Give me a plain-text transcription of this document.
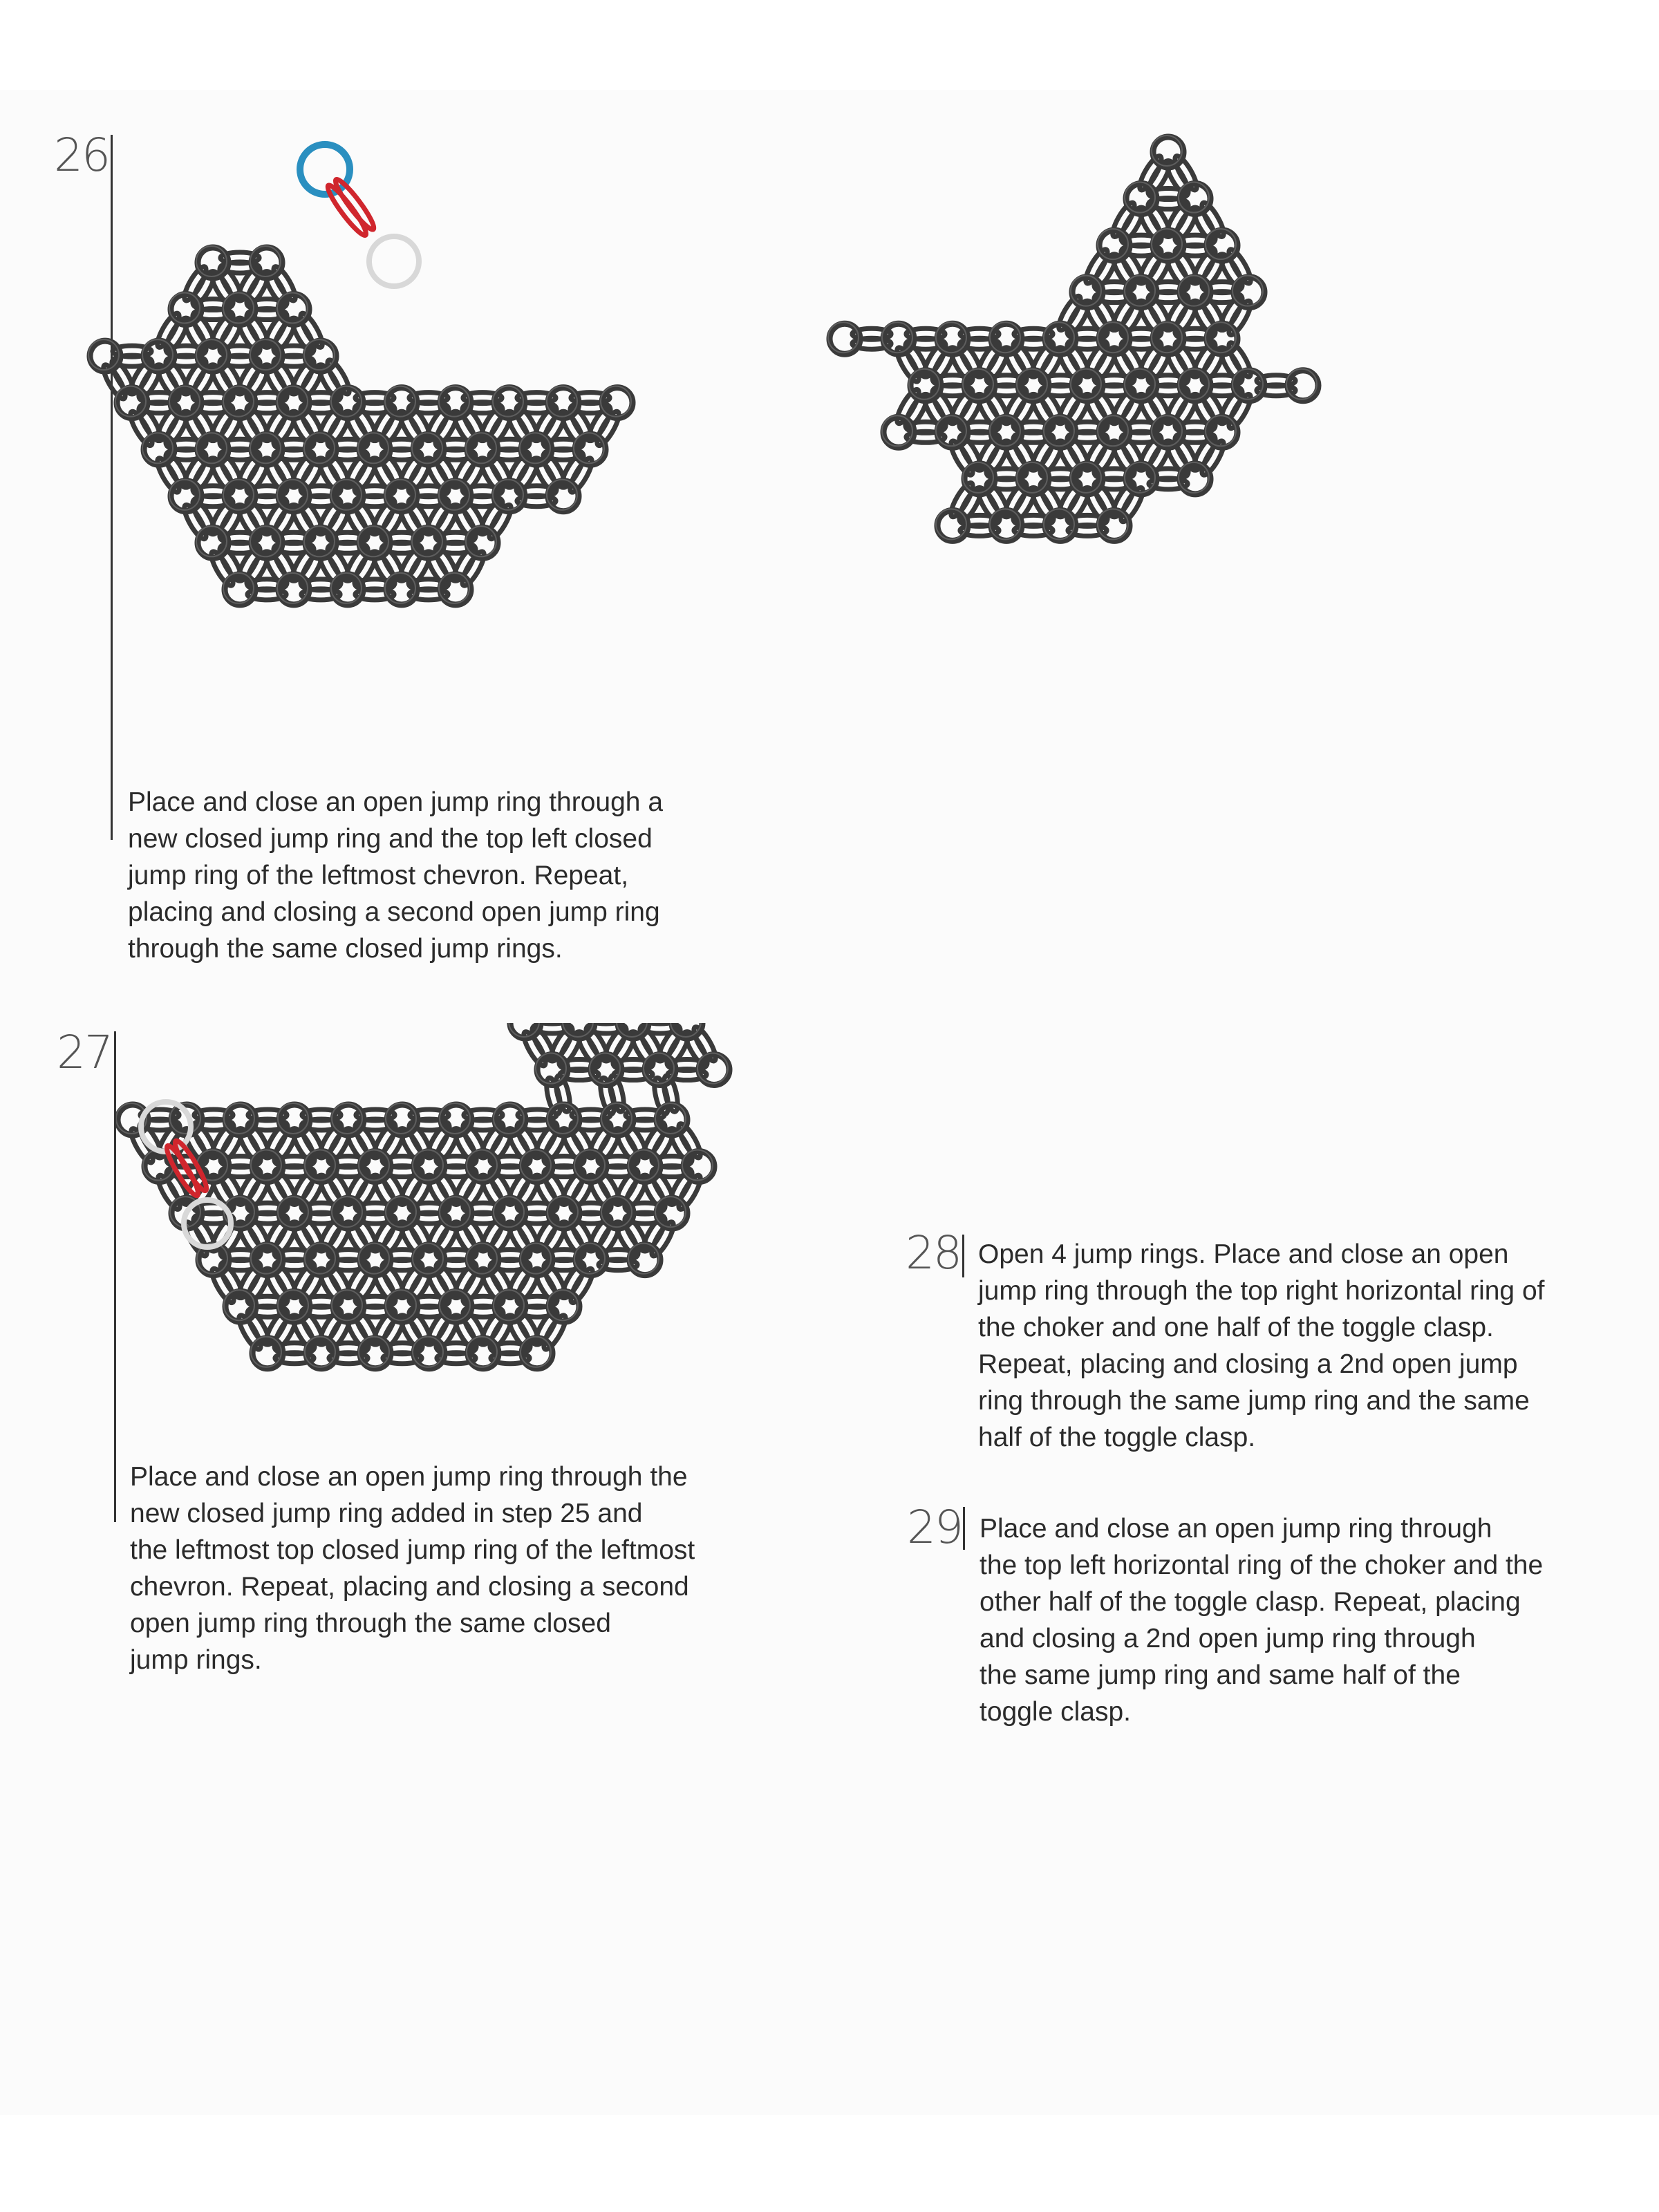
26
Place and close an open jump ring through a
new closed jump ring and the top left closed
jump ring of the leftmost chevron. Repeat,
placing and closing a second open jump ring
through the same closed jump rings.
27
Place and close an open jump ring through the
new closed jump ring added in step 25 and
the leftmost top closed jump ring of the leftmost
chevron. Repeat, placing and closing a second
open jump ring through the same closed
jump rings.
28 Open 4 jump rings. Place and close an open
jump ring through the top right horizontal ring of
the choker and one half of the toggle clasp.
Repeat, placing and closing a 2nd open jump
ring through the same jump ring and the same
half of the toggle clasp.
29 Place and close an open jump ring through
the top left horizontal ring of the choker and the
other half of the toggle clasp. Repeat, placing
and closing a 2nd open jump ring through
the same jump ring and same half of the
toggle clasp.
